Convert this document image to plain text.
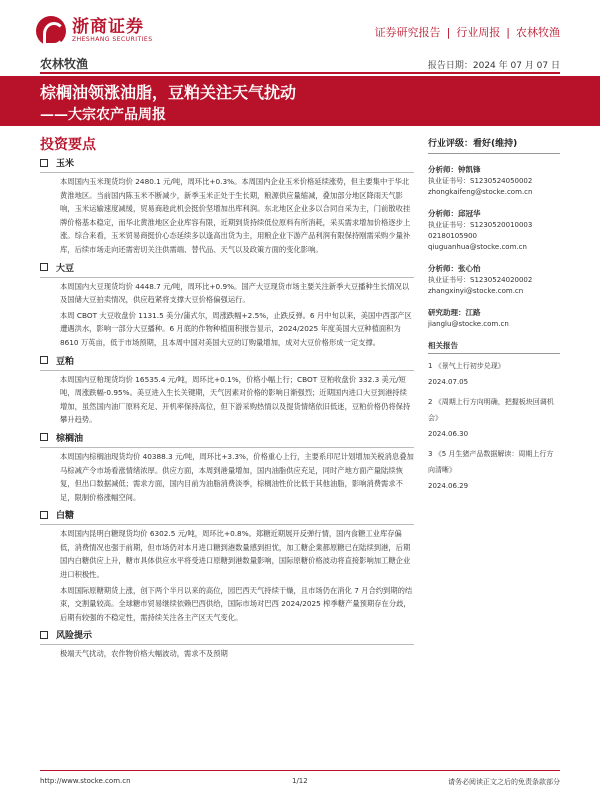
浙商证券
ZHESHANG SECURITIES
证券研究报告 | 行业周报 | 农林牧渔
农林牧渔	报告日期：2024 年 07 月 07 日
棕榈油领涨油脂，豆粕关注天气扰动
——大宗农产品周报
投资要点
玉米
本周国内玉米现货均价 2480.1 元/吨，周环比+0.3%。本周国内企业玉米价格延续涨势，但主要集中于华北黄淮地区。当前国内陈玉米不断减少，新季玉米正处于生长期，粮源供应量缩减，叠加部分地区降雨天气影响，玉米运输速度减缓，贸易商趁此机会挺价坚增加出库利润。东北地区企业多以合同自采为主，门前散收挂牌价格基本稳定，而华北黄淮地区企业库容有限，近期到货持续低位原料有所消耗，采买需求增加价格逐步上涨。综合来看，玉米贸易商挺价心态延续多以逢高出货为主，用粮企业下游产品利润有限保持刚需采购少量补库，后续市场走向还需密切关注供需端、替代品、天气以及政策方面的变化影响。
大豆
本周国内大豆现货均价 4448.7 元/吨，周环比+0.9%。国产大豆现货市场主要关注新季大豆播种生长情况以及国储大豆拍卖情况，供应趋紧将支撑大豆价格偏强运行。
本周 CBOT 大豆收盘价 1131.5 美分/蒲式尔，周涨跌幅+2.5%，止跌反弹。6 月中旬以来，美国中西部产区遭遇洪水，影响一部分大豆播种。6 月底的作物种植面积报告显示，2024/2025 年度美国大豆种植面积为 8610 万英亩，低于市场预期，且本周中国对美国大豆的订购量增加，成对大豆价格形成一定支撑。
豆粕
本周国内豆粕现货均价 16535.4 元/吨，周环比+0.1%，价格小幅上行；CBOT 豆粕收盘价 332.3 美元/短吨，周涨跌幅-0.95%。美豆进入生长关键期，天气因素对价格的影响日渐强烈；近期国内进口大豆到港持续增加，虽然国内油厂原料充足、开机率保持高位，但下游采购热情以及提货情绪依旧低迷，豆粕价格仍将保持攀升趋势。
棕榈油
本周国内棕榈油现货均价 40388.3 元/吨，周环比+3.3%，价格重心上行，主要系印尼计划增加关税消息叠加马棕减产令市场看涨情绪浓厚。供应方面，本周到港量增加，国内油脂供应充足，同时产地方面产量陆续恢复，但出口数据减低；需求方面，国内目前为油脂消费淡季，棕榈油性价比低于其他油脂，影响消费需求不足，限制价格涨幅空间。
白糖
本周国内昆明白糖现货均价 6302.5 元/吨，周环比+0.8%。郑糖近期展开反弹行情，国内食糖工业库存偏低，消费情况也强于前期，但市场仍对本月进口糖到港数量感到担忧，加工糖企業都原糖已在陆续到港，后期国内白糖供应上升，糖市具体供应水平将受进口原糖到港数量影响，国际原糖价格波动将直接影响加工糖企业进口积极性。
本周国际原糖期货上涨，创下两个半月以来的高位，园巴西天气持续干燥，且市场仍在消化 7 月合约到期的结束，交割量较高。全球糖市贸易继续依赖巴西供给，国际市场对巴西 2024/2025 榨季糖产量预期存在分歧，后期有较强的不稳定性，需持续关注各主产区天气变化。
风险提示
极端天气扰动，农作物价格大幅波动，需求不及预期
行业评级：看好(维持)
分析师：钟凯锋
执业证书号：S1230524050002
zhongkaifeng@stocke.com.cn
分析师：邱冠华
执业证书号：S1230520010003
02180105900
qiuguanhua@stocke.com.cn
分析师：张心怡
执业证书号：S1230524020002
zhangxinyi@stocke.com.cn
研究助理：江路
jianglu@stocke.com.cn
相关报告
1 《景气上行初步兑现》
2024.07.05
2 《周期上行方向明确，把握板块回调机会》
2024.06.30
3 《5 月生猪产品数据解读：周期上行方向清晰》
2024.06.29
http://www.stocke.com.cn	1/12	请务必阅读正文之后的免责条款部分
